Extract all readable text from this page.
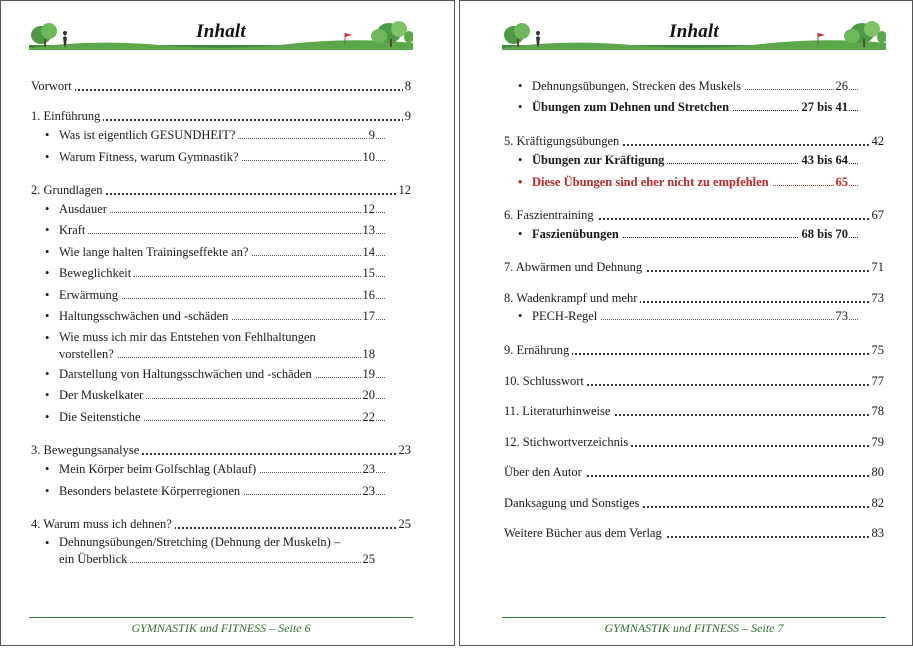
Inhalt
Vorwort	8
1. Einführung	9
• Was ist eigentlich GESUNDHEIT?	9
• Warum Fitness, warum Gymnastik?	10
2. Grundlagen	12
• Ausdauer	12
• Kraft	13
• Wie lange halten Trainingseffekte an?	14
• Beweglichkeit	15
• Erwärmung	16
• Haltungsschwächen und -schäden	17
• Wie muss ich mir das Entstehen von Fehlhaltungen
vorstellen?	18
• Darstellung von Haltungsschwächen und -schäden	19
• Der Muskelkater	20
• Die Seitenstiche	22
3. Bewegungsanalyse	23
• Mein Körper beim Golfschlag (Ablauf)	23
• Besonders belastete Körperregionen	23
4. Warum muss ich dehnen?	25
• Dehnungsübungen/Stretching (Dehnung der Muskeln) –
ein Überblick	25
GYMNASTIK und FITNESS – Seite 6
Inhalt
• Dehnungsübungen, Strecken des Muskels	26
• Übungen zum Dehnen und Stretchen	27 bis 41
5. Kräftigungsübungen	42
• Übungen zur Kräftigung	43 bis 64
• Diese Übungen sind eher nicht zu empfehlen	65
6. Faszientraining	67
• Faszienübungen	68 bis 70
7. Abwärmen und Dehnung	71
8. Wadenkrampf und mehr	73
• PECH-Regel	73
9. Ernährung	75
10. Schlusswort	77
11. Literaturhinweise	78
12. Stichwortverzeichnis	79
Über den Autor	80
Danksagung und Sonstiges	82
Weitere Bücher aus dem Verlag	83
GYMNASTIK und FITNESS – Seite 7
